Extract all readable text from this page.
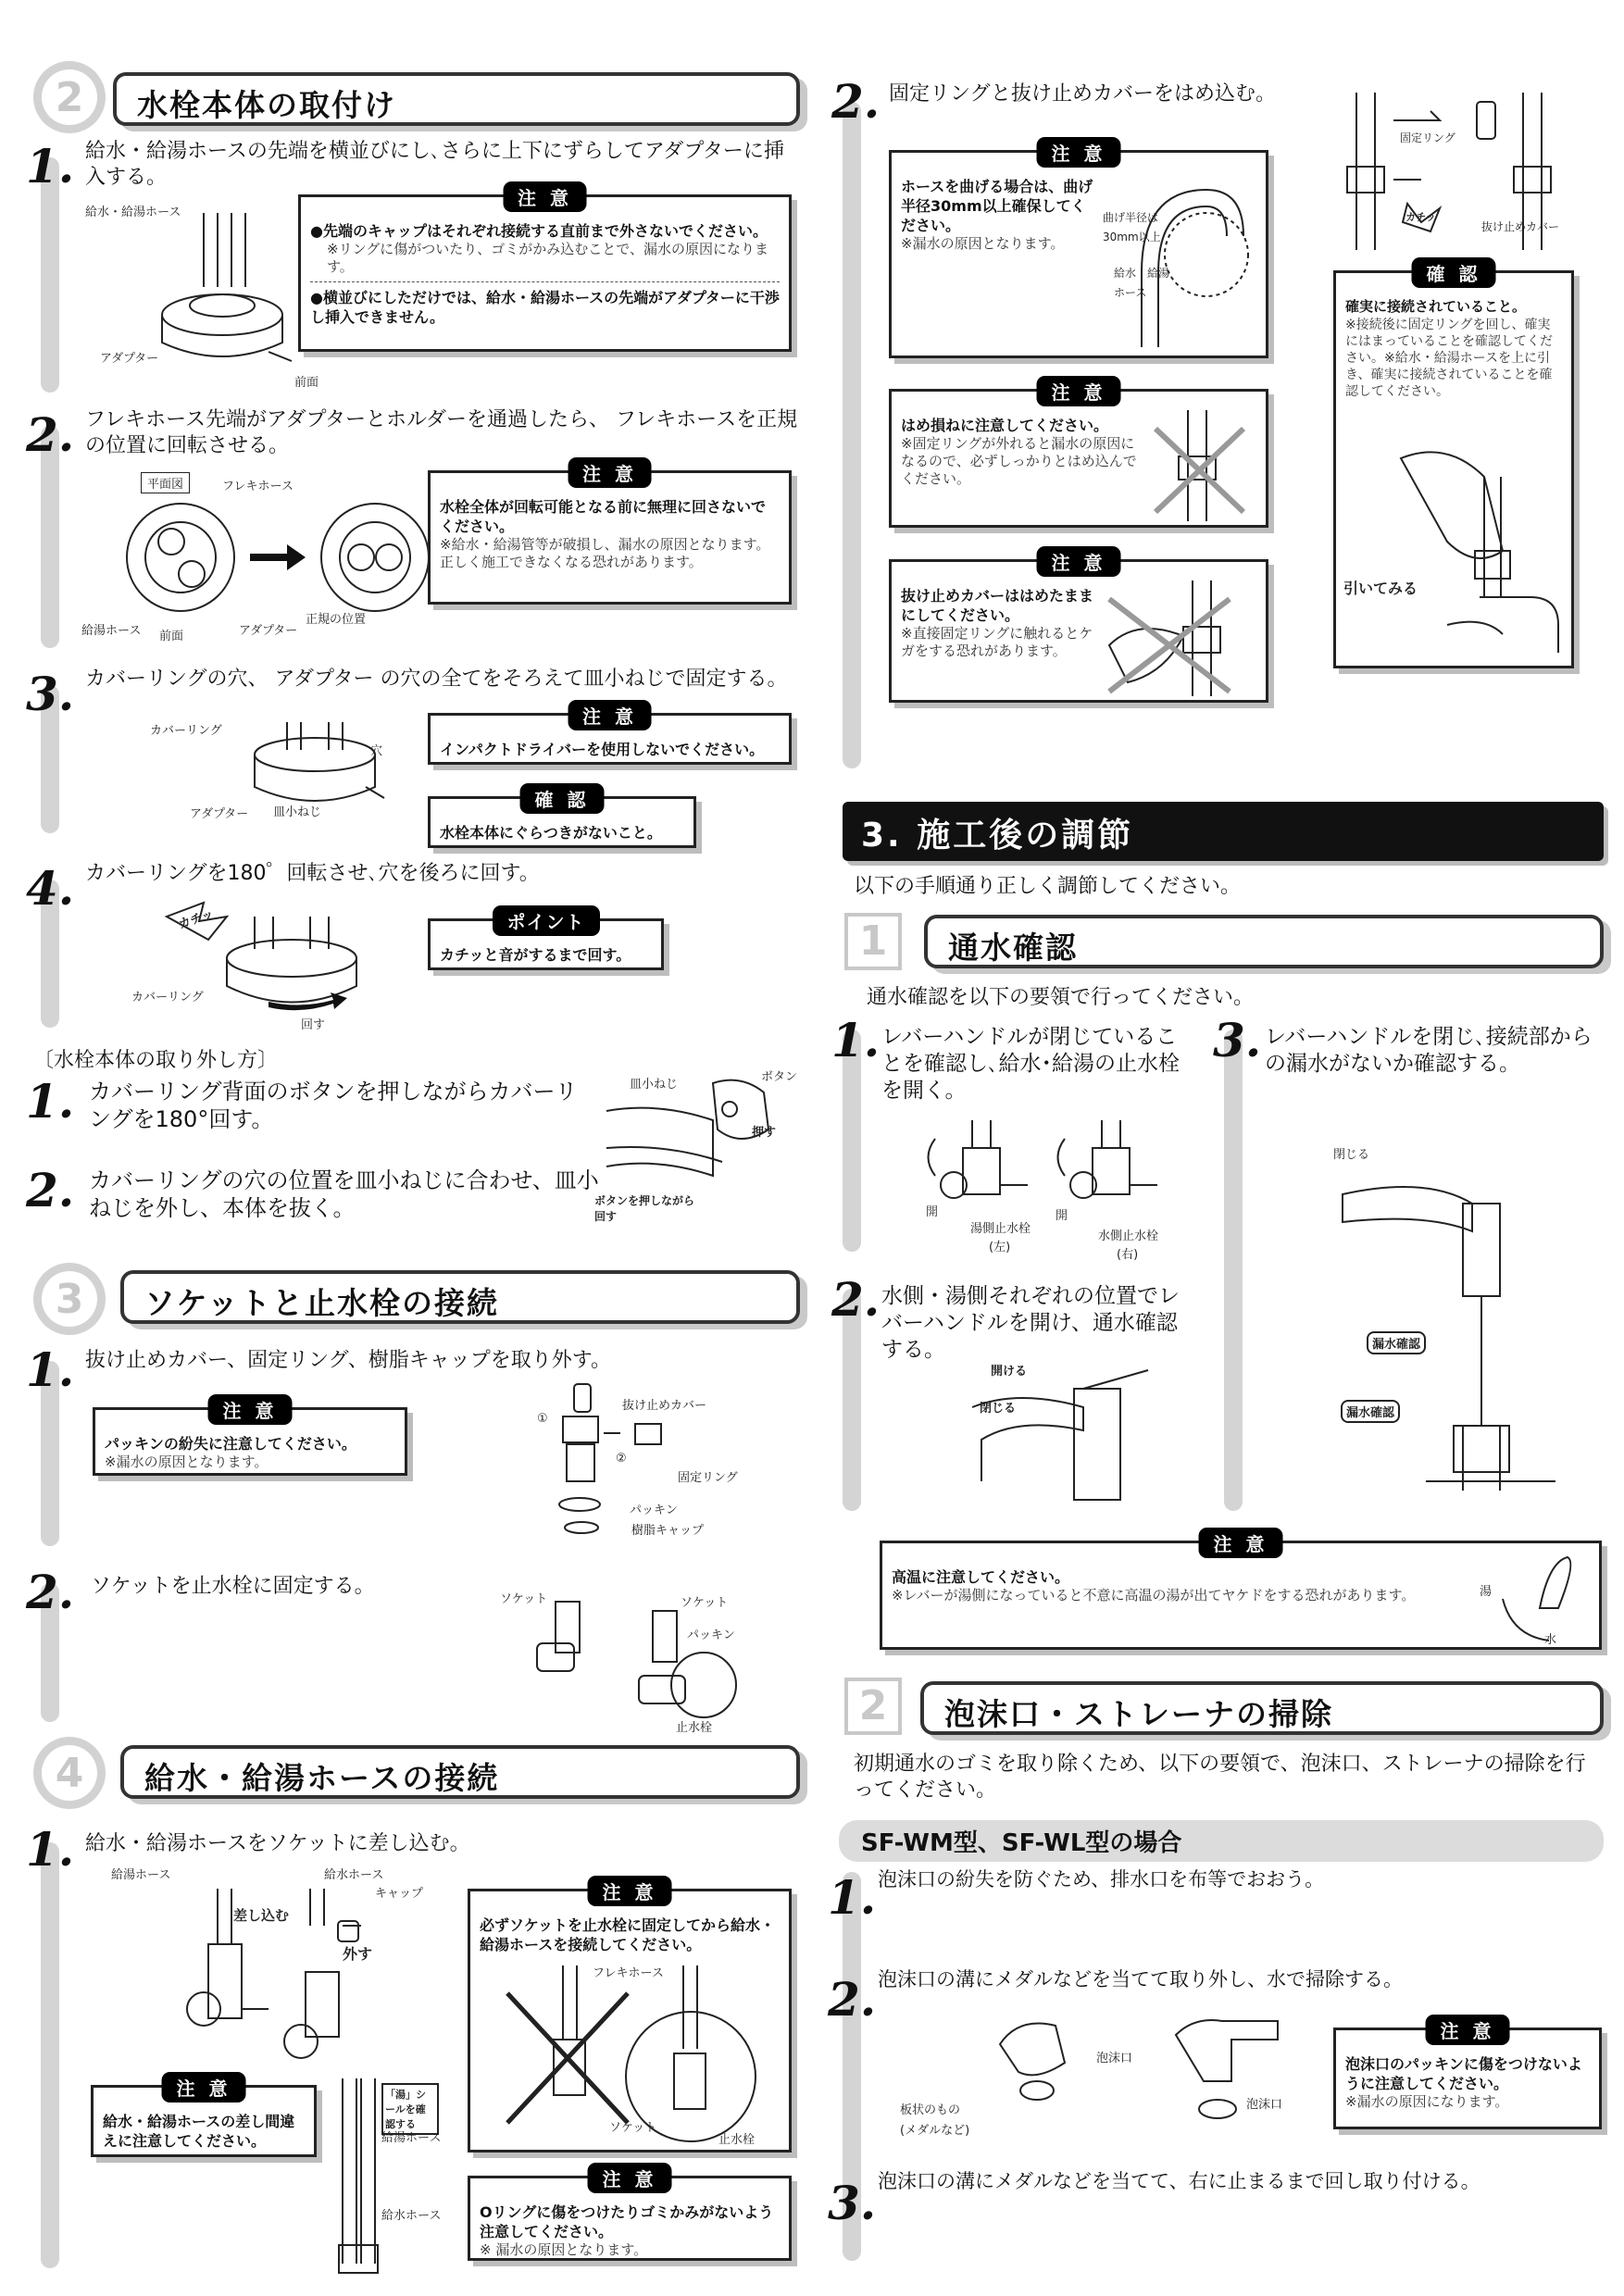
2	水栓本体の取付け
1. 給水・給湯ホースの先端を横並びにし､さらに上下にずらしてアダプターに挿入する。
給水・給湯ホース
アダプター
前面
注 意
●先端のキャップはそれぞれ接続する直前まで外さないでください。
※リングに傷がついたり、ゴミがかみ込むことで、漏水の原因になります。
●横並びにしただけでは、給水・給湯ホースの先端がアダプターに干渉し挿入できません。
2. フレキホース先端がアダプターとホルダーを通過したら、 フレキホースを正規の位置に回転させる。
平面図	フレキホース
給湯ホース 前面	アダプター
正規の位置
注 意
水栓全体が回転可能となる前に無理に回さないでください。
※給水・給湯管等が破損し、漏水の原因となります。正しく施工できなくなる恐れがあります。
3. カバーリングの穴、 アダプター の穴の全てをそろえて皿小ねじで固定する。
カバーリング
穴
アダプター 皿小ねじ
注 意
インパクトドライバーを使用しないでください。
確 認
水栓本体にぐらつきがないこと。
4. カバーリングを180゜回転させ､穴を後ろに回す。
カチッ
カバーリング
回す
ポイント
カチッと音がするまで回す。
〔水栓本体の取り外し方〕
1. カバーリング背面のボタンを押しながらカバーリングを180°回す。
2. カバーリングの穴の位置を皿小ねじに合わせ、皿小ねじを外し、本体を抜く。
皿小ねじ
ボタン
押す
ボタンを押しながら回す
3	ソケットと止水栓の接続
1. 抜け止めカバー、固定リング、樹脂キャップを取り外す。
注 意
パッキンの紛失に注意してください。
※漏水の原因となります。
①
②
抜け止めカバー
固定リング
パッキン
樹脂キャップ
2. ソケットを止水栓に固定する。
ソケット	ソケット
パッキン
止水栓
4	給水・給湯ホースの接続
1. 給水・給湯ホースをソケットに差し込む。
給湯ホース	給水ホース
キャップ
差し込む
外す
注 意
必ずソケットを止水栓に固定してから給水・給湯ホースを接続してください。
フレキホース
ソケット
止水栓
注 意
給水・給湯ホースの差し間違えに注意してください。
「湯」シールを確認する
給湯ホース
給水ホース
注 意
Oリングに傷をつけたりゴミかみがないよう注意してください。
※ 漏水の原因となります。
2. 固定リングと抜け止めカバーをはめ込む。
注 意
ホースを曲げる場合は、曲げ半径30mm以上確保してください。
※漏水の原因となります。
曲げ半径は30mm以上
給水・給湯ホース
注 意
はめ損ねに注意してください。
※固定リングが外れると漏水の原因になるので、必ずしっかりとはめ込んでください。
注 意
抜け止めカバーははめたままにしてください。
※直接固定リングに触れるとケガをする恐れがあります。
固定リング
カチッ
抜け止めカバー
確 認
確実に接続されていること。
※接続後に固定リングを回し、確実にはまっていることを確認してください。※給水・給湯ホースを上に引き、確実に接続されていることを確認してください。
引いてみる
3. 施工後の調節
以下の手順通り正しく調節してください。
1	通水確認
通水確認を以下の要領で行ってください。
1. レバーハンドルが閉じていることを確認し､給水･給湯の止水栓を開く。
開	開
湯側止水栓
(左)
水側止水栓
(右)
3. レバーハンドルを閉じ､接続部からの漏水がないか確認する。
閉じる
漏水確認
漏水確認
2. 水側・湯側それぞれの位置でレバーハンドルを開け、通水確認する。
開ける
閉じる
注 意
高温に注意してください。
※レバーが湯側になっていると不意に高温の湯が出てヤケドをする恐れがあります。	湯
水
2	泡沫口・ストレーナの掃除
初期通水のゴミを取り除くため、以下の要領で、泡沫口、ストレーナの掃除を行ってください。
SF-WM型、SF-WL型の場合
1. 泡沫口の紛失を防ぐため、排水口を布等でおおう。
2. 泡沫口の溝にメダルなどを当てて取り外し、水で掃除する。
泡沫口
泡沫口
板状のもの
(メダルなど)
注 意
泡沫口のパッキンに傷をつけないように注意してください。
※漏水の原因になります。
3. 泡沫口の溝にメダルなどを当てて、右に止まるまで回し取り付ける。
